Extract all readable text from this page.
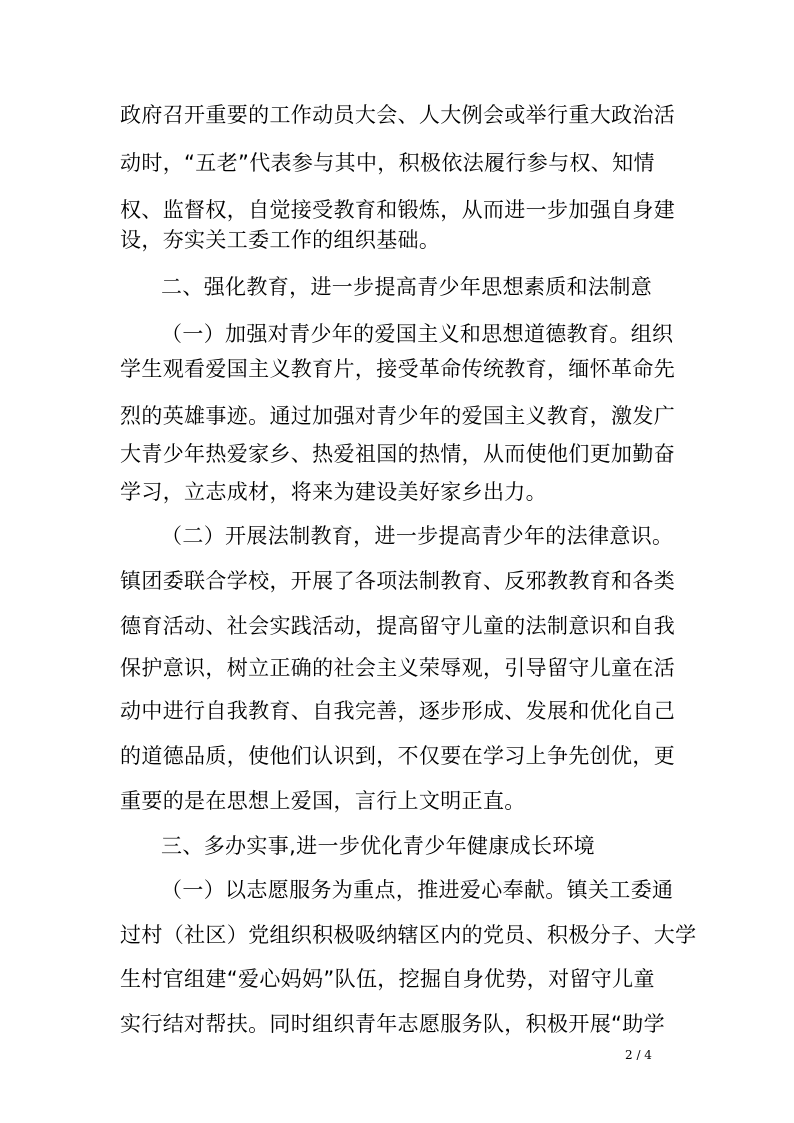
政府召开重要的工作动员大会、人大例会或举行重大政治活
动时，“五老”代表参与其中，积极依法履行参与权、知情
权、监督权，自觉接受教育和锻炼，从而进一步加强自身建
设，夯实关工委工作的组织基础。
二、强化教育，进一步提高青少年思想素质和法制意
（一）加强对青少年的爱国主义和思想道德教育。组织
学生观看爱国主义教育片，接受革命传统教育，缅怀革命先
烈的英雄事迹。通过加强对青少年的爱国主义教育，激发广
大青少年热爱家乡、热爱祖国的热情，从而使他们更加勤奋
学习，立志成材，将来为建设美好家乡出力。
（二）开展法制教育，进一步提高青少年的法律意识。
镇团委联合学校，开展了各项法制教育、反邪教教育和各类
德育活动、社会实践活动，提高留守儿童的法制意识和自我
保护意识，树立正确的社会主义荣辱观，引导留守儿童在活
动中进行自我教育、自我完善，逐步形成、发展和优化自己
的道德品质，使他们认识到，不仅要在学习上争先创优，更
重要的是在思想上爱国，言行上文明正直。
三、多办实事,进一步优化青少年健康成长环境
（一）以志愿服务为重点，推进爱心奉献。镇关工委通
过村（社区）党组织积极吸纳辖区内的党员、积极分子、大学
生村官组建“爱心妈妈”队伍，挖掘自身优势，对留守儿童
实行结对帮扶。同时组织青年志愿服务队，积极开展“助学
2 / 4
